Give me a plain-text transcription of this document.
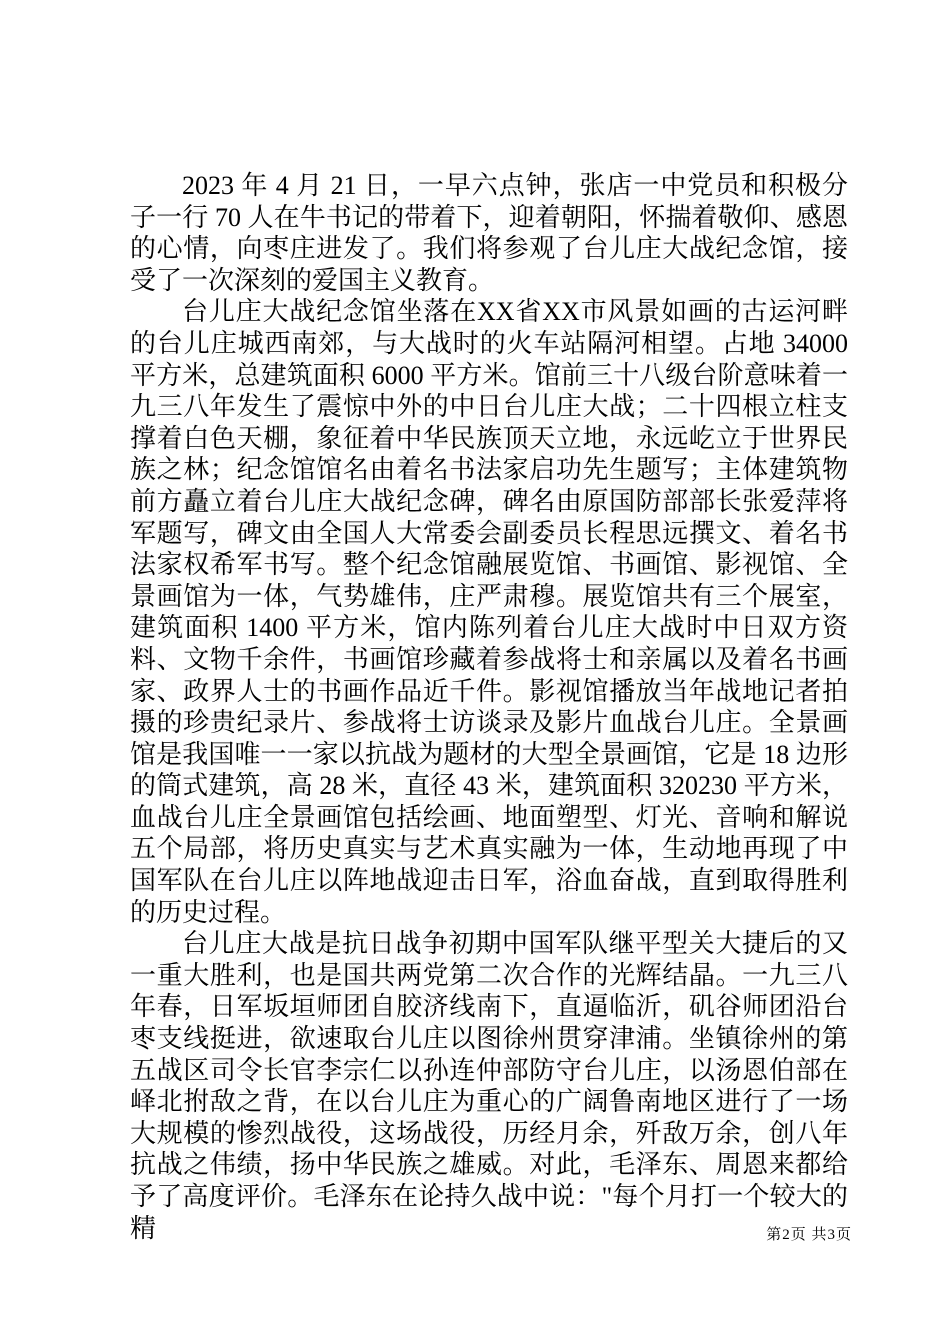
2023 年 4 月 21 日，一早六点钟，张店一中党员和积极分子一行 70 人在牛书记的带着下，迎着朝阳，怀揣着敬仰、感恩的心情，向枣庄进发了。我们将参观了台儿庄大战纪念馆，接受了一次深刻的爱国主义教育。

台儿庄大战纪念馆坐落在XX省XX市风景如画的古运河畔的台儿庄城西南郊，与大战时的火车站隔河相望。占地 34000 平方米，总建筑面积 6000 平方米。馆前三十八级台阶意味着一九三八年发生了震惊中外的中日台儿庄大战；二十四根立柱支撑着白色天棚，象征着中华民族顶天立地，永远屹立于世界民族之林；纪念馆馆名由着名书法家启功先生题写；主体建筑物前方矗立着台儿庄大战纪念碑，碑名由原国防部部长张爱萍将军题写，碑文由全国人大常委会副委员长程思远撰文、着名书法家权希军书写。整个纪念馆融展览馆、书画馆、影视馆、全景画馆为一体，气势雄伟，庄严肃穆。展览馆共有三个展室，建筑面积 1400 平方米，馆内陈列着台儿庄大战时中日双方资料、文物千余件，书画馆珍藏着参战将士和亲属以及着名书画家、政界人士的书画作品近千件。影视馆播放当年战地记者拍摄的珍贵纪录片、参战将士访谈录及影片血战台儿庄。全景画馆是我国唯一一家以抗战为题材的大型全景画馆，它是 18 边形的筒式建筑，高 28 米，直径 43 米，建筑面积 320230 平方米，血战台儿庄全景画馆包括绘画、地面塑型、灯光、音响和解说五个局部，将历史真实与艺术真实融为一体，生动地再现了中国军队在台儿庄以阵地战迎击日军，浴血奋战，直到取得胜利的历史过程。

台儿庄大战是抗日战争初期中国军队继平型关大捷后的又一重大胜利，也是国共两党第二次合作的光辉结晶。一九三八年春，日军坂垣师团自胶济线南下，直逼临沂，矶谷师团沿台枣支线挺进，欲速取台儿庄以图徐州贯穿津浦。坐镇徐州的第五战区司令长官李宗仁以孙连仲部防守台儿庄，以汤恩伯部在峄北拊敌之背，在以台儿庄为重心的广阔鲁南地区进行了一场大规模的惨烈战役，这场战役，历经月余，歼敌万余，创八年抗战之伟绩，扬中华民族之雄威。对此，毛泽东、周恩来都给予了高度评价。毛泽东在论持久战中说："每个月打一个较大的精	第2页 共3页
